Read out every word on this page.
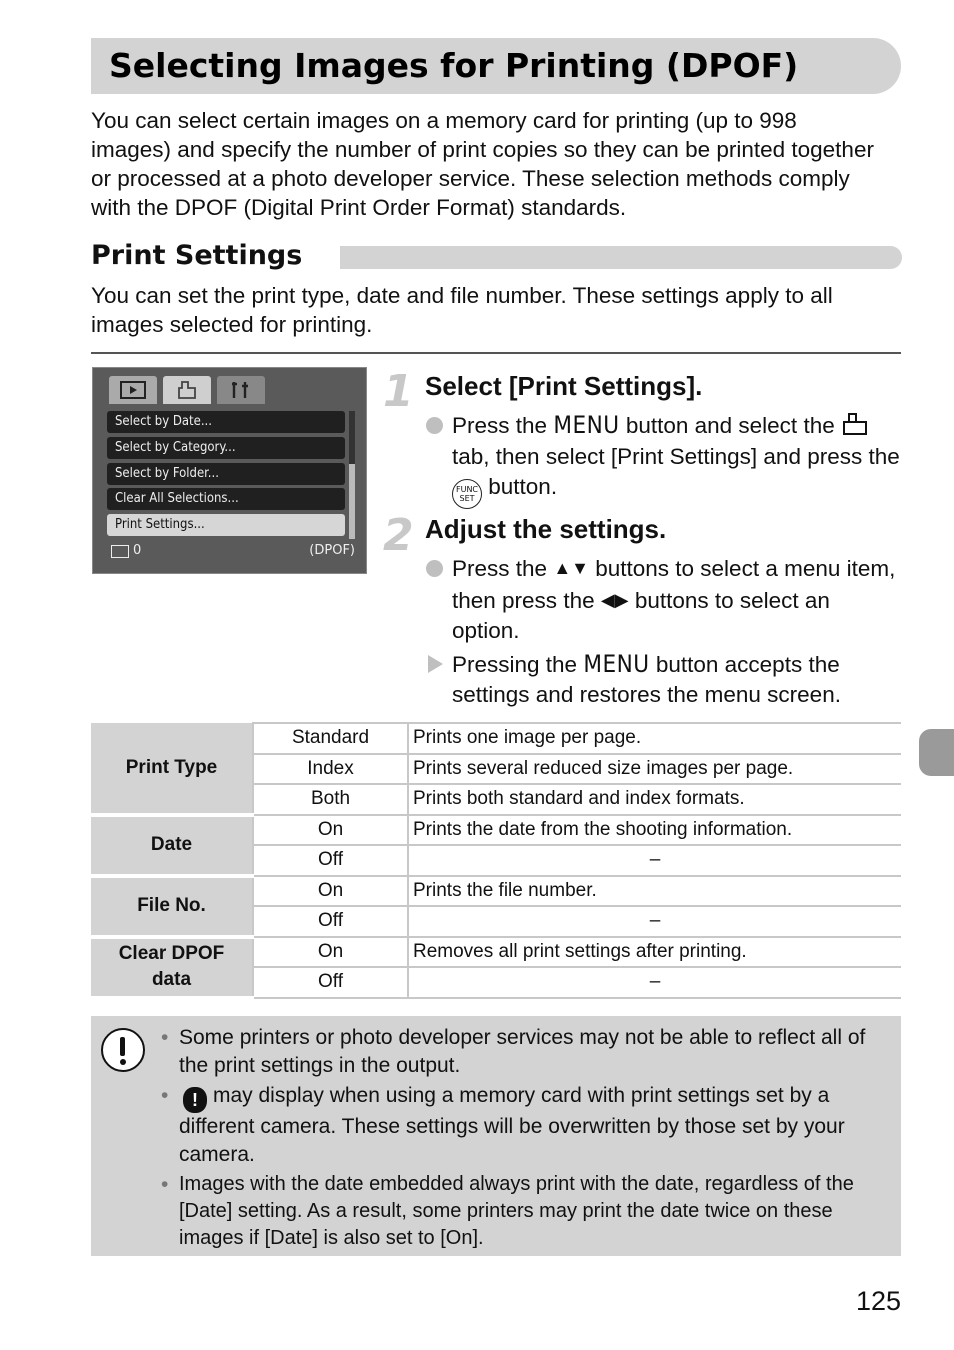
Selecting Images for Printing (DPOF)

You can select certain images on a memory card for printing (up to 998 images) and specify the number of print copies so they can be printed together or processed at a photo developer service. These selection methods comply with the DPOF (Digital Print Order Format) standards.

Print Settings

You can set the print type, date and file number. These settings apply to all images selected for printing.

Select by Date...
Select by Category...
Select by Folder...
Clear All Selections...
Print Settings...
0	(DPOF)
1 Select [Print Settings].
Press the MENU button and select the  tab, then select [Print Settings] and press the FUNC
SET button.
2 Adjust the settings.
Press the ▲▼ buttons to select a menu item, then press the ◀▶ buttons to select an option.
Pressing the MENU button accepts the settings and restores the menu screen.
Print Type	Standard	Prints one image per page.
	Index	Prints several reduced size images per page.
	Both	Prints both standard and index formats.
Date	On	Prints the date from the shooting information.
	Off	–
File No.	On	Prints the file number.
	Off	–
Clear DPOF data	On	Removes all print settings after printing.
	Off	–
• Some printers or photo developer services may not be able to reflect all of the print settings in the output.
• ! may display when using a memory card with print settings set by a different camera. These settings will be overwritten by those set by your camera.
• Images with the date embedded always print with the date, regardless of the [Date] setting. As a result, some printers may print the date twice on these images if [Date] is also set to [On].
125
